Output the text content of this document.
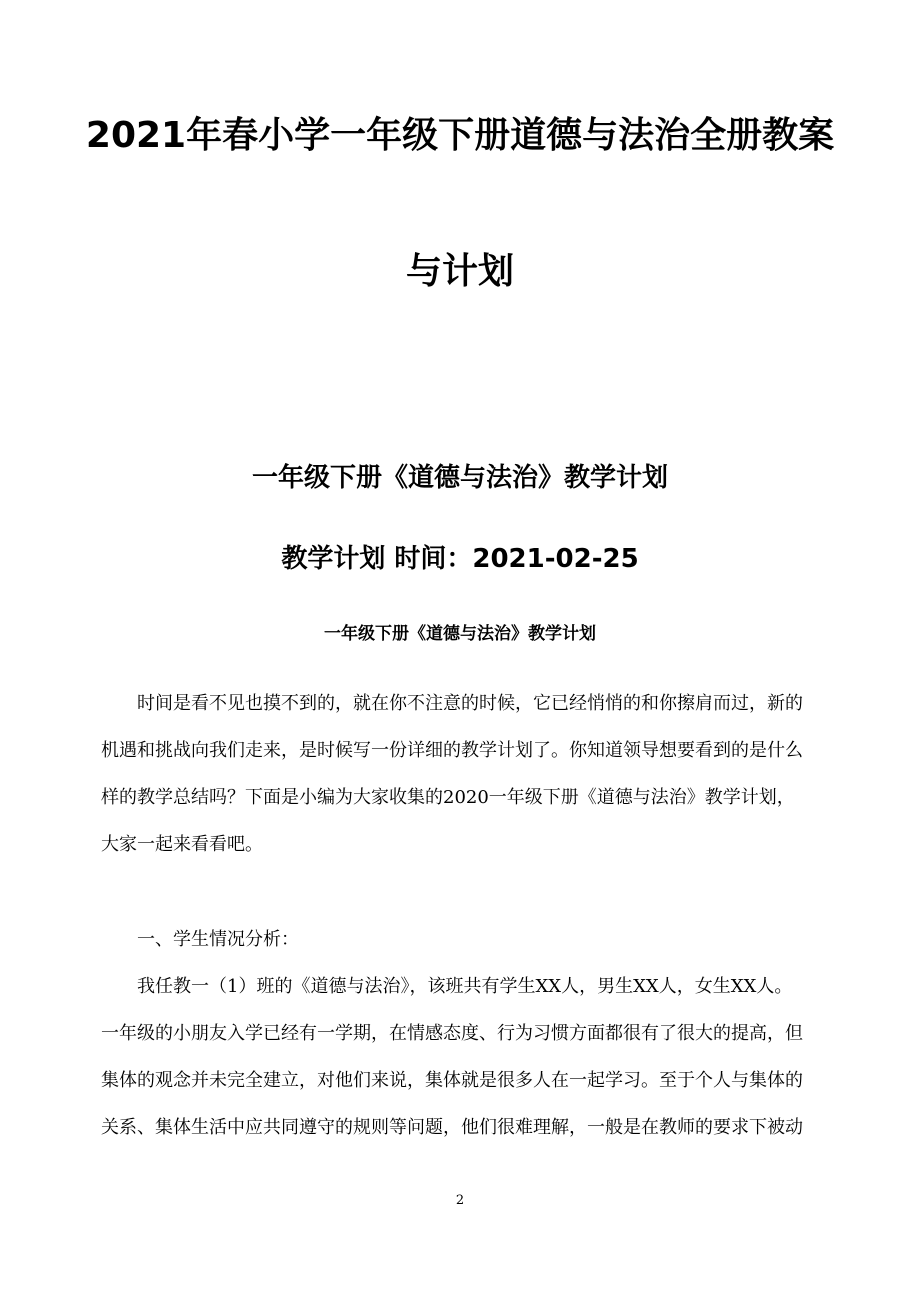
2021年春小学一年级下册道德与法治全册教案
与计划
一年级下册《道德与法治》教学计划
教学计划 时间：2021-02-25
一年级下册《道德与法治》教学计划
时间是看不见也摸不到的，就在你不注意的时候，它已经悄悄的和你擦肩而过，新的
机遇和挑战向我们走来，是时候写一份详细的教学计划了。你知道领导想要看到的是什么
样的教学总结吗？下面是小编为大家收集的2020一年级下册《道德与法治》教学计划，
大家一起来看看吧。
一、学生情况分析：
我任教一（1）班的《道德与法治》，该班共有学生XX人，男生XX人，女生XX人。
一年级的小朋友入学已经有一学期，在情感态度、行为习惯方面都很有了很大的提高，但
集体的观念并未完全建立，对他们来说，集体就是很多人在一起学习。至于个人与集体的
关系、集体生活中应共同遵守的规则等问题，他们很难理解，一般是在教师的要求下被动
2
